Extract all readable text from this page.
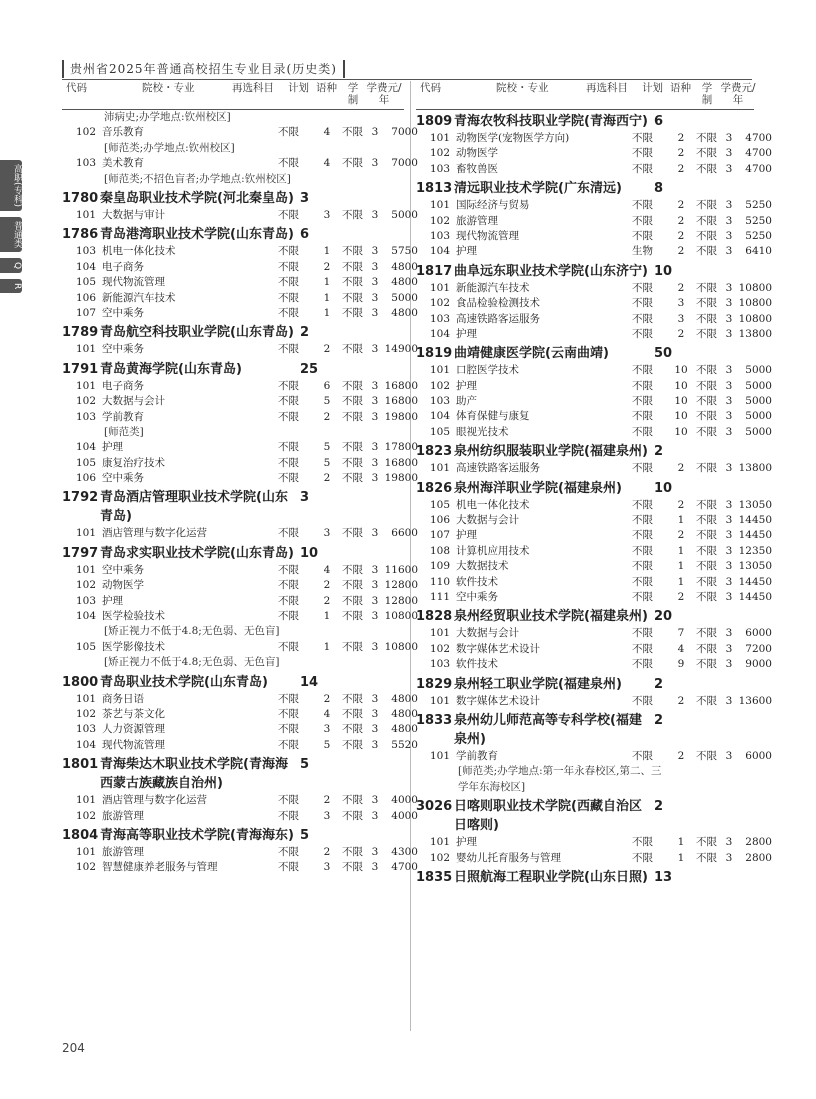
贵州省2025年普通高校招生专业目录(历史类)
高职(专科)
普通类
Q
R
代码	院校・专业	再选科目 计划 语种 学制
学费元/年
沛病史;办学地点:钦州校区]
102 音乐教育	不限	4	不限 3	7000
[师范类;办学地点:钦州校区]
103 美术教育	不限	4	不限 3	7000
[师范类;不招色盲者;办学地点:钦州校区]
1780 秦皇岛职业技术学院(河北秦皇岛) 3
101 大数据与审计	不限	3	不限 3	5000
1786 青岛港湾职业技术学院(山东青岛) 6
103 机电一体化技术	不限	1	不限 3	5750
104 电子商务	不限	2	不限 3	4800
105 现代物流管理	不限	1	不限 3	4800
106 新能源汽车技术	不限	1	不限 3	5000
107 空中乘务	不限	1	不限 3	4800
1789 青岛航空科技职业学院(山东青岛) 2
101 空中乘务	不限	2	不限 3 14900
1791 青岛黄海学院(山东青岛)	25
101 电子商务	不限	6	不限 3 16800
102 大数据与会计	不限	5	不限 3 16800
103 学前教育	不限	2	不限 3 19800
[师范类]
104 护理	不限	5	不限 3 17800
105 康复治疗技术	不限	5	不限 3 16800
106 空中乘务	不限	2	不限 3 19800
1792 青岛酒店管理职业技术学院(山东青岛)
3
101 酒店管理与数字化运营	不限	3	不限 3	6600
1797 青岛求实职业技术学院(山东青岛) 10
101 空中乘务	不限	4	不限 3 11600
102 动物医学	不限	2	不限 3 12800
103 护理	不限	2	不限 3 12800
104 医学检验技术	不限	1	不限 3 10800
[矫正视力不低于4.8;无色弱、无色盲]
105 医学影像技术	不限	1	不限 3 10800
[矫正视力不低于4.8;无色弱、无色盲]
1800 青岛职业技术学院(山东青岛)	14
101 商务日语	不限	2	不限 3	4800
102 茶艺与茶文化	不限	4	不限 3	4800
103 人力资源管理	不限	3	不限 3	4800
104 现代物流管理	不限	5	不限 3	5520
1801 青海柴达木职业技术学院(青海海西蒙古族藏族自治州)
5
101 酒店管理与数字化运营	不限	2	不限 3	4000
102 旅游管理	不限	3	不限 3	4000
1804 青海高等职业技术学院(青海海东) 5
101 旅游管理	不限	2	不限 3	4300
102 智慧健康养老服务与管理	不限	3	不限 3	4700
代码	院校・专业	再选科目 计划 语种 学制
学费元/年
1809 青海农牧科技职业学院(青海西宁) 6
101 动物医学(宠物医学方向)	不限	2	不限 3	4700
102 动物医学	不限	2	不限 3	4700
103 畜牧兽医	不限	2	不限 3	4700
1813 清远职业技术学院(广东清远)	8
101 国际经济与贸易	不限	2	不限 3	5250
102 旅游管理	不限	2	不限 3	5250
103 现代物流管理	不限	2	不限 3	5250
104 护理	生物	2	不限 3	6410
1817 曲阜远东职业技术学院(山东济宁) 10
101 新能源汽车技术	不限	2	不限 3 10800
102 食品检验检测技术	不限	3	不限 3 10800
103 高速铁路客运服务	不限	3	不限 3 10800
104 护理	不限	2	不限 3 13800
1819 曲靖健康医学院(云南曲靖)	50
101 口腔医学技术	不限	10 不限 3	5000
102 护理	不限	10 不限 3	5000
103 助产	不限	10 不限 3	5000
104 体育保健与康复	不限	10 不限 3	5000
105 眼视光技术	不限	10 不限 3	5000
1823 泉州纺织服装职业学院(福建泉州) 2
101 高速铁路客运服务	不限	2	不限 3 13800
1826 泉州海洋职业学院(福建泉州)	10
105 机电一体化技术	不限	2	不限 3 13050
106 大数据与会计	不限	1	不限 3 14450
107 护理	不限	2	不限 3 14450
108 计算机应用技术	不限	1	不限 3 12350
109 大数据技术	不限	1	不限 3 13050
110 软件技术	不限	1	不限 3 14450
111 空中乘务	不限	2	不限 3 14450
1828 泉州经贸职业技术学院(福建泉州) 20
101 大数据与会计	不限	7	不限 3	6000
102 数字媒体艺术设计	不限	4	不限 3	7200
103 软件技术	不限	9	不限 3	9000
1829 泉州轻工职业学院(福建泉州)	2
101 数字媒体艺术设计	不限	2	不限 3 13600
1833 泉州幼儿师范高等专科学校(福建泉州)
2
101 学前教育	不限	2	不限 3	6000
[师范类;办学地点:第一年永春校区,第二、三学年东海校区]
3026 日喀则职业技术学院(西藏自治区日喀则)
2
101 护理	不限	1	不限 3	2800
102 婴幼儿托育服务与管理	不限	1	不限 3	2800
1835 日照航海工程职业学院(山东日照) 13
204
